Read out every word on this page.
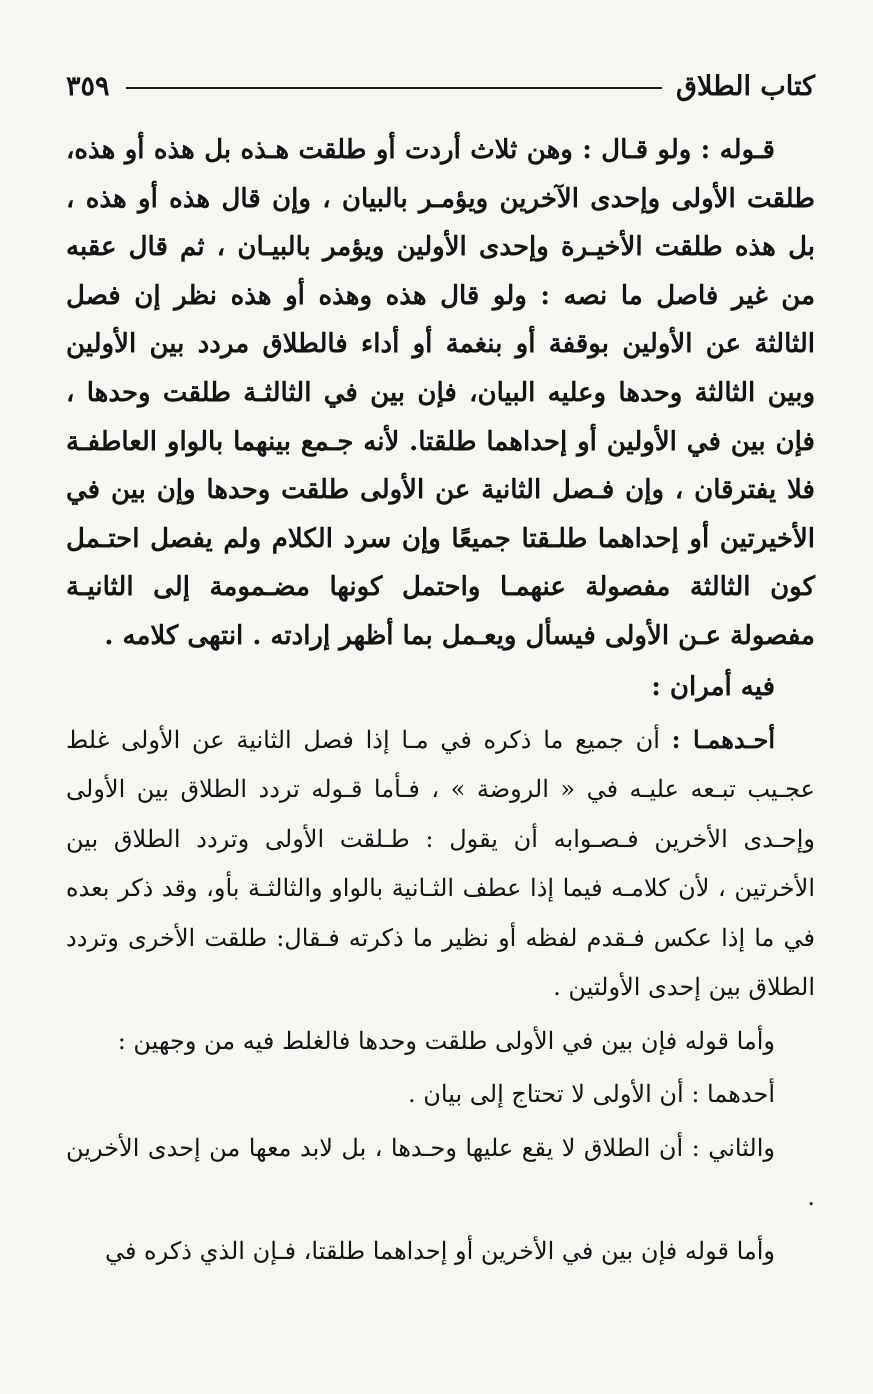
٣٥٩	كتاب الطلاق

قـوله : ولو قـال : وهن ثلاث أردت أو طلقت هـذه بل هذه أو هذه، طلقت الأولى وإحدى الآخرين ويؤمـر بالبيان ، وإن قال هذه أو هذه ، بل هذه طلقت الأخيـرة وإحدى الأولين ويؤمر بالبيـان ، ثم قال عقبه من غير فاصل ما نصه : ولو قال هذه وهذه أو هذه نظر إن فصل الثالثة عن الأولين بوقفة أو بنغمة أو أداء فالطلاق مردد بين الأولين وبين الثالثة وحدها وعليه البيان، فإن بين في الثالثـة طلقت وحدها ، فإن بين في الأولين أو إحداهما طلقتا. لأنه جـمع بينهما بالواو العاطفـة فلا يفترقان ، وإن فـصل الثانية عن الأولى طلقت وحدها وإن بين في الأخيرتين أو إحداهما طلـقتا جميعًا وإن سرد الكلام ولم يفصل احتـمل كون الثالثة مفصولة عنهمـا واحتمل كونها مضـمومة إلى الثانيـة مفصولة عـن الأولى فيسأل ويعـمل بما أظهر إرادته . انتهى كلامه .

فيه أمران :

أحـدهمـا : أن جميع ما ذكره في مـا إذا فصل الثانية عن الأولى غلط عجـيب تبـعه عليـه في « الروضة » ، فـأما قـوله تردد الطلاق بين الأولى وإحـدى الأخرين فـصـوابه أن يقول : طـلقت الأولى وتردد الطلاق بين الأخرتين ، لأن كلامـه فيما إذا عطف الثـانية بالواو والثالثـة بأو، وقد ذكر بعده في ما إذا عكس فـقدم لفظه أو نظير ما ذكرته فـقال: طلقت الأخرى وتردد الطلاق بين إحدى الأولتين .

وأما قوله فإن بين في الأولى طلقت وحدها فالغلط فيه من وجهين :

أحدهما : أن الأولى لا تحتاج إلى بيان .

والثاني : أن الطلاق لا يقع عليها وحـدها ، بل لابد معها من إحدى الأخرين .

وأما قوله فإن بين في الأخرين أو إحداهما طلقتا، فـإن الذي ذكره في
